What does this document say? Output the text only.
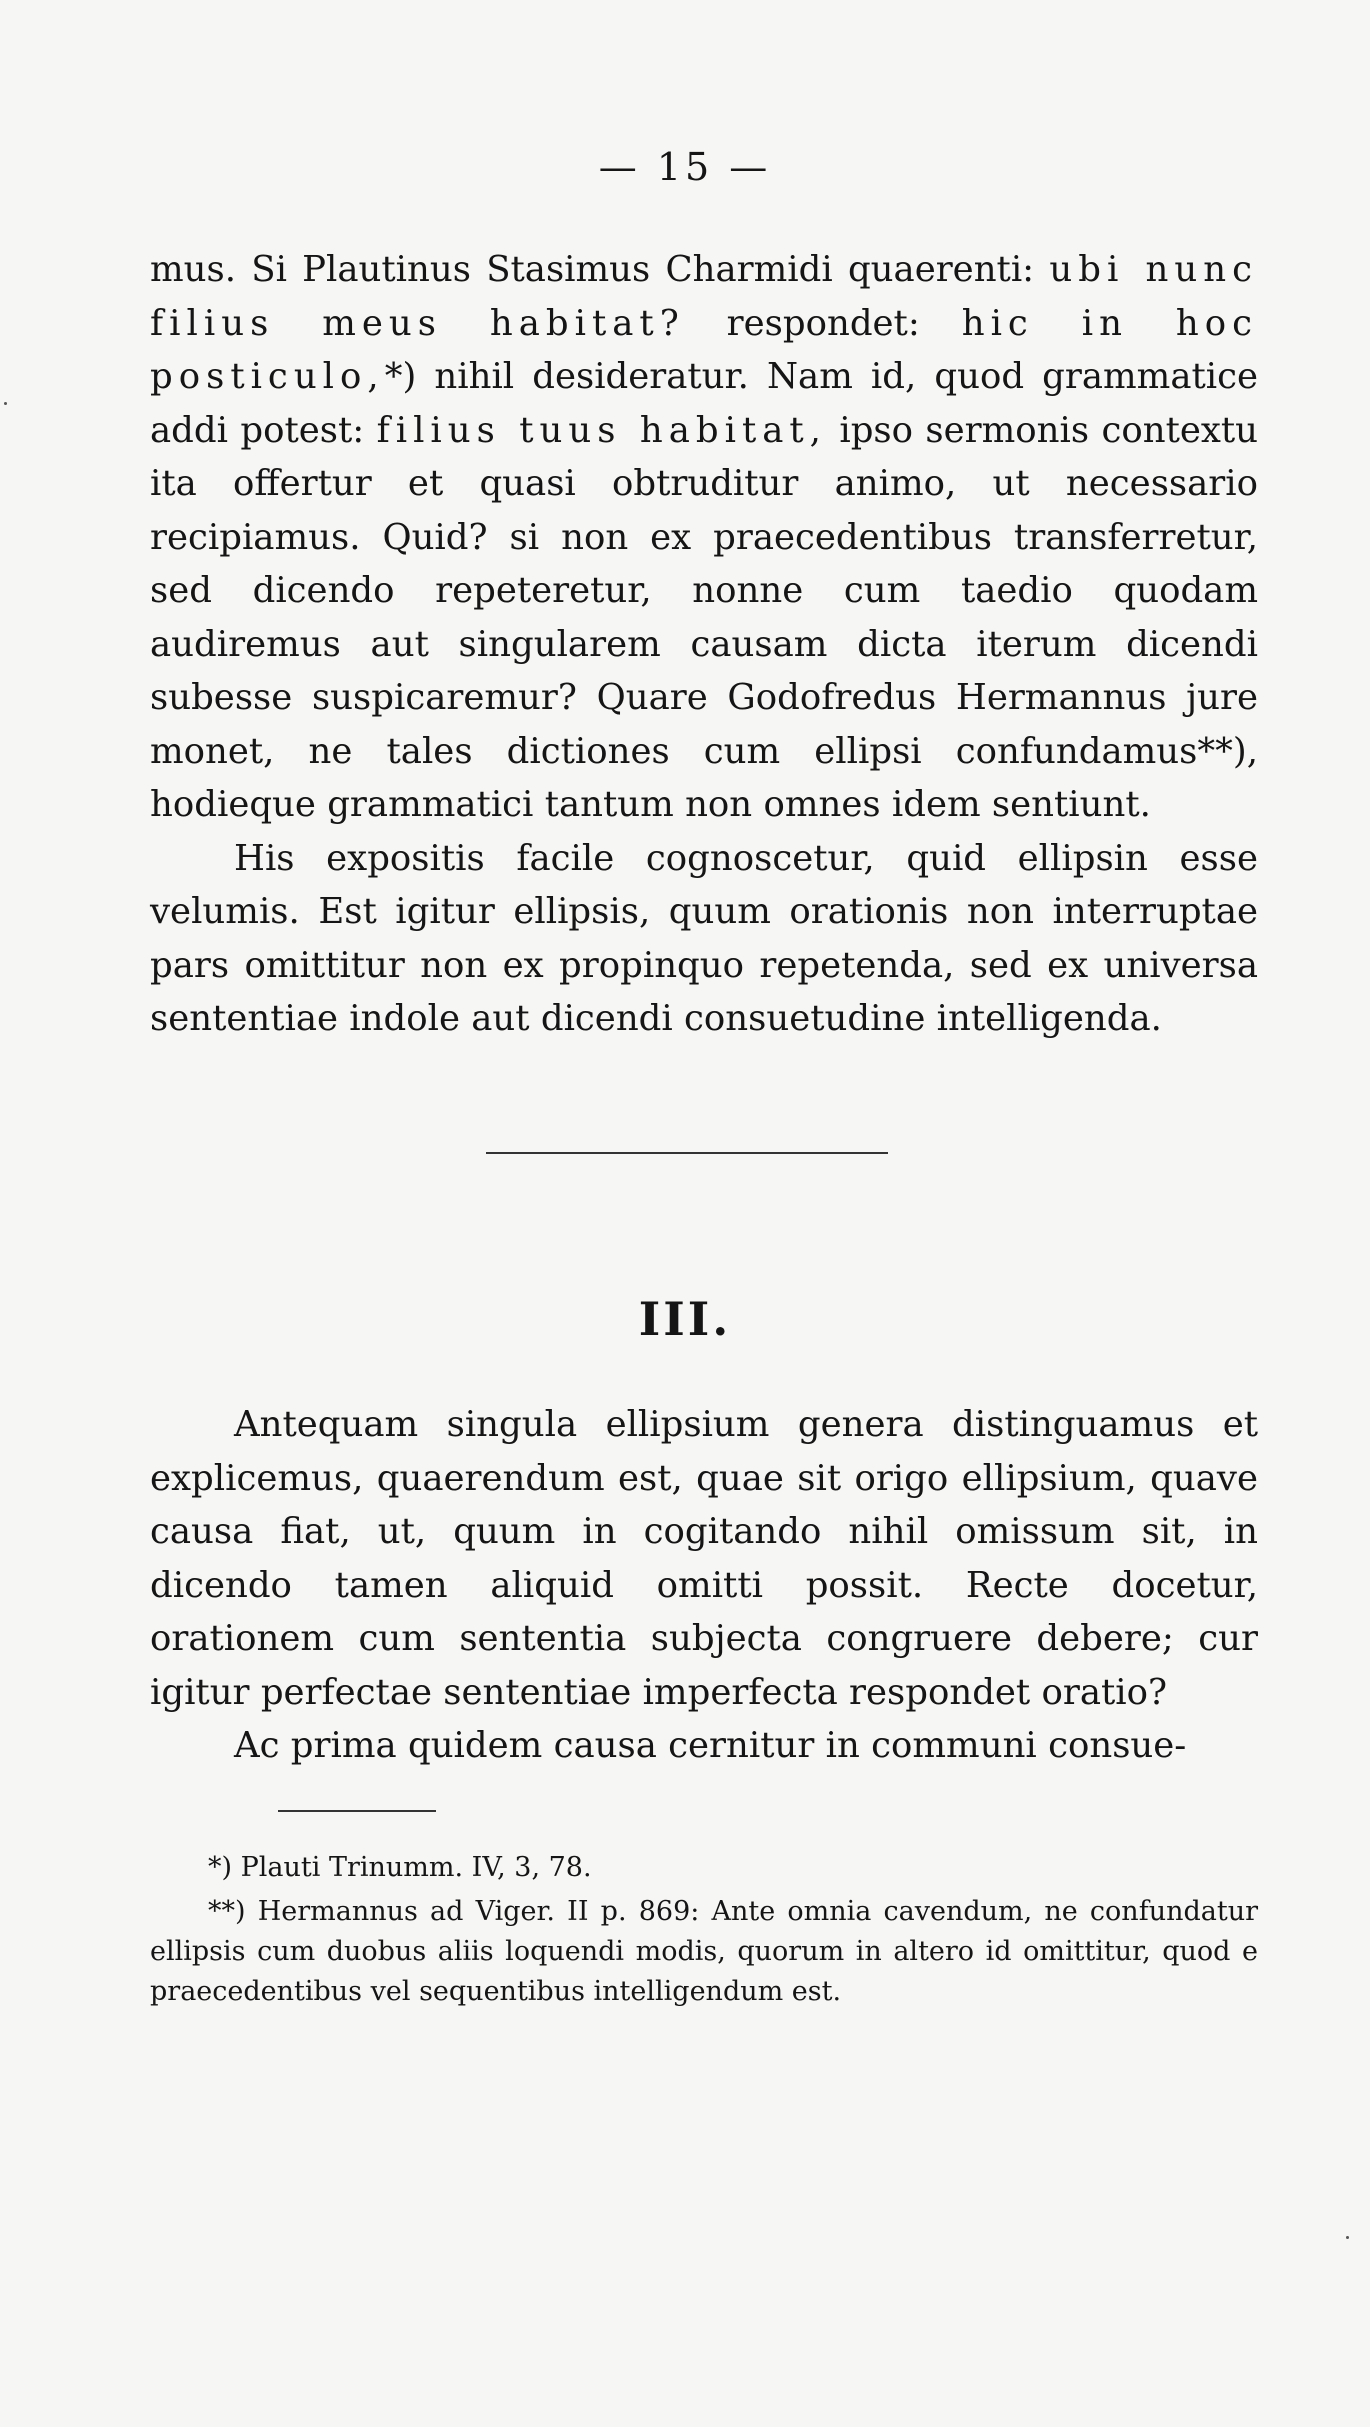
— 15 —

mus. Si Plautinus Stasimus Charmidi quaerenti: ubi nunc filius meus habitat? respondet: hic in hoc posticulo,*) nihil desideratur. Nam id, quod grammatice addi potest: filius tuus habitat, ipso sermonis contextu ita offertur et quasi obtruditur animo, ut necessario recipiamus. Quid? si non ex praecedentibus transferretur, sed dicendo repeteretur, nonne cum taedio quodam audiremus aut singularem causam dicta iterum dicendi subesse suspicaremur? Quare Godofredus Hermannus jure monet, ne tales dictiones cum ellipsi confundamus**), hodieque grammatici tantum non omnes idem sentiunt.

His expositis facile cognoscetur, quid ellipsin esse velumis. Est igitur ellipsis, quum orationis non interruptae pars omittitur non ex propinquo repetenda, sed ex universa sententiae indole aut dicendi consuetudine intelligenda.

III.

Antequam singula ellipsium genera distinguamus et explicemus, quaerendum est, quae sit origo ellipsium, quave causa fiat, ut, quum in cogitando nihil omissum sit, in dicendo tamen aliquid omitti possit. Recte docetur, orationem cum sententia subjecta congruere debere; cur igitur perfectae sententiae imperfecta respondet oratio?

Ac prima quidem causa cernitur in communi consue-

*) Plauti Trinumm. IV, 3, 78.

**) Hermannus ad Viger. II p. 869: Ante omnia cavendum, ne confundatur ellipsis cum duobus aliis loquendi modis, quorum in altero id omittitur, quod e praecedentibus vel sequentibus intelligendum est.
